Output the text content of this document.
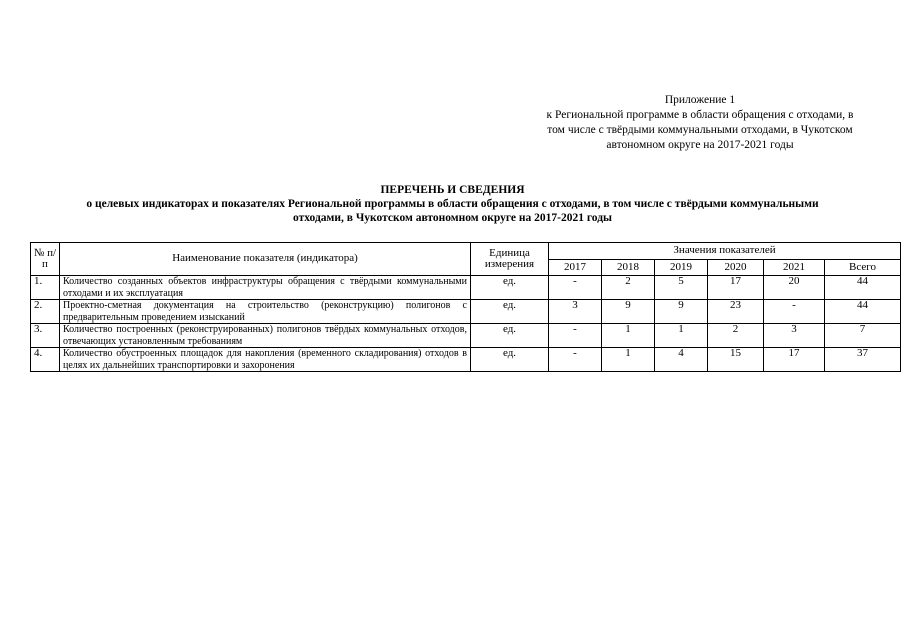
Приложение 1
к Региональной программе в области обращения с отходами, в
том числе с твёрдыми коммунальными отходами, в Чукотском
автономном округе на 2017-2021 годы
ПЕРЕЧЕНЬ И СВЕДЕНИЯ
о целевых индикаторах и показателях Региональной программы в области обращения с отходами, в том числе с твёрдыми коммунальными
отходами, в Чукотском автономном округе на 2017-2021 годы
№ п/п	Наименование показателя (индикатора)	Единица измерения	Значения показателей					
			2017	2018	2019	2020	2021	Всего
1.	Количество созданных объектов инфраструктуры обращения с твёрдыми коммунальными отходами и их эксплуатация	ед.	-	2	5	17	20	44
2.	Проектно-сметная документация на строительство (реконструкцию) полигонов с предварительным проведением изысканий	ед.	3	9	9	23	-	44
3.	Количество построенных (реконструированных) полигонов твёрдых коммунальных отходов, отвечающих установленным требованиям	ед.	-	1	1	2	3	7
4.	Количество обустроенных площадок для накопления (временного складирования) отходов в целях их дальнейших транспортировки и захоронения	ед.	-	1	4	15	17	37
